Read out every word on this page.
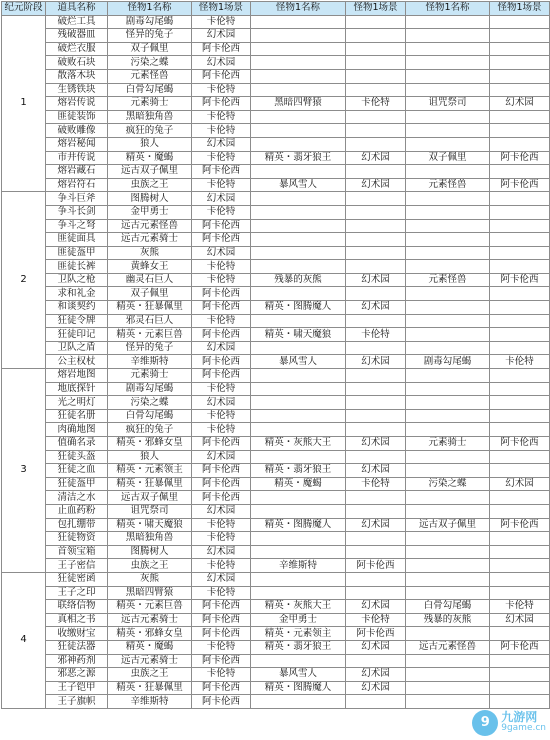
纪元阶段	道具名称	怪物1名称	怪物1场景	怪物1名称	怪物1场景	怪物1名称	怪物1场景
1	破烂工具	剧毒勾尾蝎	卡伦特				
	残破器皿	怪异的兔子	幻术园				
	破烂衣服	双子佩里	阿卡伦西				
	破败石块	污染之蝶	幻术园				
	散落木块	元素怪兽	阿卡伦西				
	生锈铁块	白骨勾尾蝎	卡伦特				
	熔岩传说	元素骑士	阿卡伦西	黑暗四臂猿	卡伦特	诅咒祭司	幻术园
	匪徒装饰	黑暗独角兽	卡伦特				
	破败雕像	疯狂的兔子	卡伦特				
	熔岩秘闻	狼人	幻术园				
	市井传说	精英・魔蝎	卡伦特	精英・翡牙狼王	幻术园	双子佩里	阿卡伦西
	熔岩藏石	远古双子佩里	阿卡伦西				
	熔岩符石	虫族之王	卡伦特	暴风雪人	幻术园	元素怪兽	阿卡伦西
2	争斗巨斧	图腾树人	幻术园				
	争斗长剑	金甲勇士	卡伦特				
	争斗之弩	远古元素怪兽	阿卡伦西				
	匪徒面具	远古元素骑士	阿卡伦西				
	匪徒盔甲	灰熊	幻术园				
	匪徒长裤	黄蜂女王	卡伦特				
	卫队之枪	幽灵石巨人	卡伦特	残暴的灰熊	幻术园	元素怪兽	阿卡伦西
	求和礼金	双子佩里	阿卡伦西				
	和谈契约	精英・狂暴佩里	阿卡伦西	精英・图腾魔人	幻术园		
	狂徒令牌	邪灵石巨人	卡伦特				
	狂徒印记	精英・元素巨兽	阿卡伦西	精英・啸天魔狼	卡伦特		
	卫队之盾	怪异的兔子	幻术园				
	公主权杖	辛维斯特	阿卡伦西	暴风雪人	幻术园	剧毒勾尾蝎	卡伦特
3	熔岩地图	元素骑士	阿卡伦西				
	地底探针	剧毒勾尾蝎	卡伦特				
	光之明灯	污染之蝶	幻术园				
	狂徒名册	白骨勾尾蝎	卡伦特				
	肉确地图	疯狂的兔子	卡伦特				
	值确名录	精英・邪蜂女皇	阿卡伦西	精英・灰熊大王	幻术园	元素骑士	阿卡伦西
	狂徒头盔	狼人	幻术园				
	狂徒之血	精英・元素领主	阿卡伦西	精英・翡牙狼王	幻术园		
	狂徒盔甲	精英・狂暴佩里	阿卡伦西	精英・魔蝎	卡伦特	污染之蝶	幻术园
	清洁之水	远古双子佩里	阿卡伦西				
	止血药粉	诅咒祭司	幻术园				
	包扎绷带	精英・啸天魔狼	卡伦特	精英・图腾魔人	幻术园	远古双子佩里	阿卡伦西
	狂徒物资	黑暗独角兽	卡伦特				
	首领宝箱	图腾树人	幻术园				
	王子密信	虫族之王	卡伦特	辛维斯特	阿卡伦西		
4	狂徒密函	灰熊	幻术园				
	王子之印	黑暗四臂猿	卡伦特				
	联络信物	精英・元素巨兽	阿卡伦西	精英・灰熊大王	幻术园	白骨勾尾蝎	卡伦特
	真相之书	远古元素骑士	阿卡伦西	金甲勇士	卡伦特	残暴的灰熊	幻术园
	收缴财宝	精英・邪蜂女皇	阿卡伦西	精英・元素领主	阿卡伦西		
	狂徒法器	精英・魔蝎	卡伦特	精英・翡牙狼王	幻术园	远古元素怪兽	阿卡伦西
	邪神药剂	远古元素骑士	阿卡伦西				
	邪恶之源	虫族之王	卡伦特	暴风雪人	幻术园		
	王子铠甲	精英・狂暴佩里	阿卡伦西	精英・图腾魔人	幻术园		
	王子旗帜	辛维斯特	阿卡伦西				
9 九游网
9game.cn
